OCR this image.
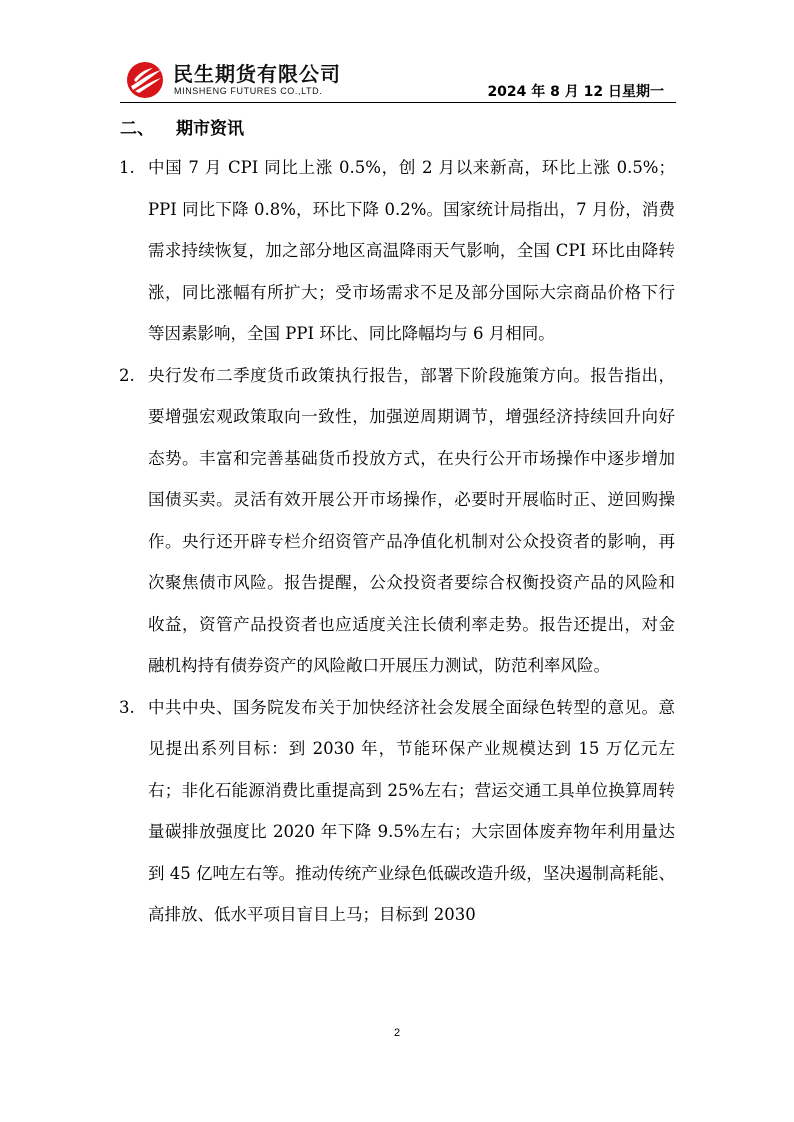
民生期货有限公司
MINSHENG FUTURES CO.,LTD.	2024 年 8 月 12 日星期一
二、 期市资讯
1. 中国 7 月 CPI 同比上涨 0.5%，创 2 月以来新高，环比上涨 0.5%；PPI 同比下降 0.8%，环比下降 0.2%。国家统计局指出，7 月份，消费需求持续恢复，加之部分地区高温降雨天气影响，全国 CPI 环比由降转涨，同比涨幅有所扩大；受市场需求不足及部分国际大宗商品价格下行等因素影响，全国 PPI 环比、同比降幅均与 6 月相同。
2. 央行发布二季度货币政策执行报告，部署下阶段施策方向。报告指出，要增强宏观政策取向一致性，加强逆周期调节，增强经济持续回升向好态势。丰富和完善基础货币投放方式，在央行公开市场操作中逐步增加国债买卖。灵活有效开展公开市场操作，必要时开展临时正、逆回购操作。央行还开辟专栏介绍资管产品净值化机制对公众投资者的影响，再次聚焦债市风险。报告提醒，公众投资者要综合权衡投资产品的风险和收益，资管产品投资者也应适度关注长债利率走势。报告还提出，对金融机构持有债券资产的风险敞口开展压力测试，防范利率风险。
3. 中共中央、国务院发布关于加快经济社会发展全面绿色转型的意见。意见提出系列目标：到 2030 年，节能环保产业规模达到 15 万亿元左右；非化石能源消费比重提高到 25%左右；营运交通工具单位换算周转量碳排放强度比 2020 年下降 9.5%左右；大宗固体废弃物年利用量达到 45 亿吨左右等。推动传统产业绿色低碳改造升级，坚决遏制高耗能、高排放、低水平项目盲目上马；目标到 2030
2
